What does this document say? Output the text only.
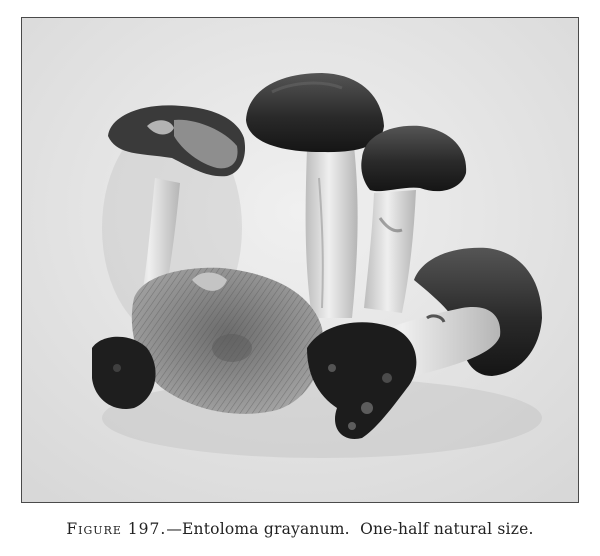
Figure 197.—Entoloma grayanum. One-half natural size.
